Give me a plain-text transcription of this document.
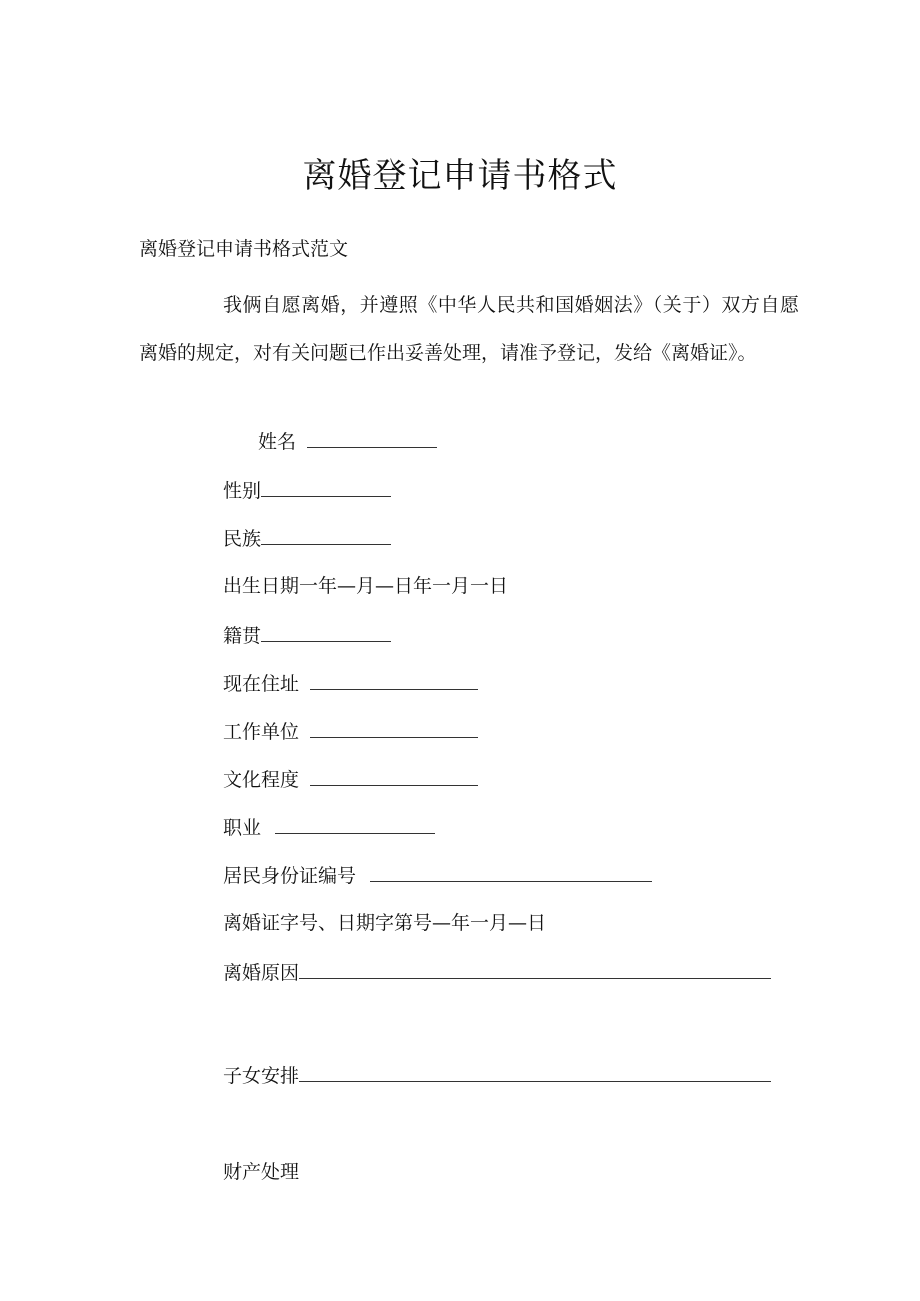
离婚登记申请书格式
离婚登记申请书格式范文
我俩自愿离婚，并遵照《中华人民共和国婚姻法》（关于）双方自愿离婚的规定，对有关问题已作出妥善处理，请准予登记，发给《离婚证》。
姓名
性别
民族
出生日期一年—月—日年一月一日
籍贯
现在住址
工作单位
文化程度
职业
居民身份证编号
离婚证字号、日期字第号—年一月—日
离婚原因
子女安排
财产处理
